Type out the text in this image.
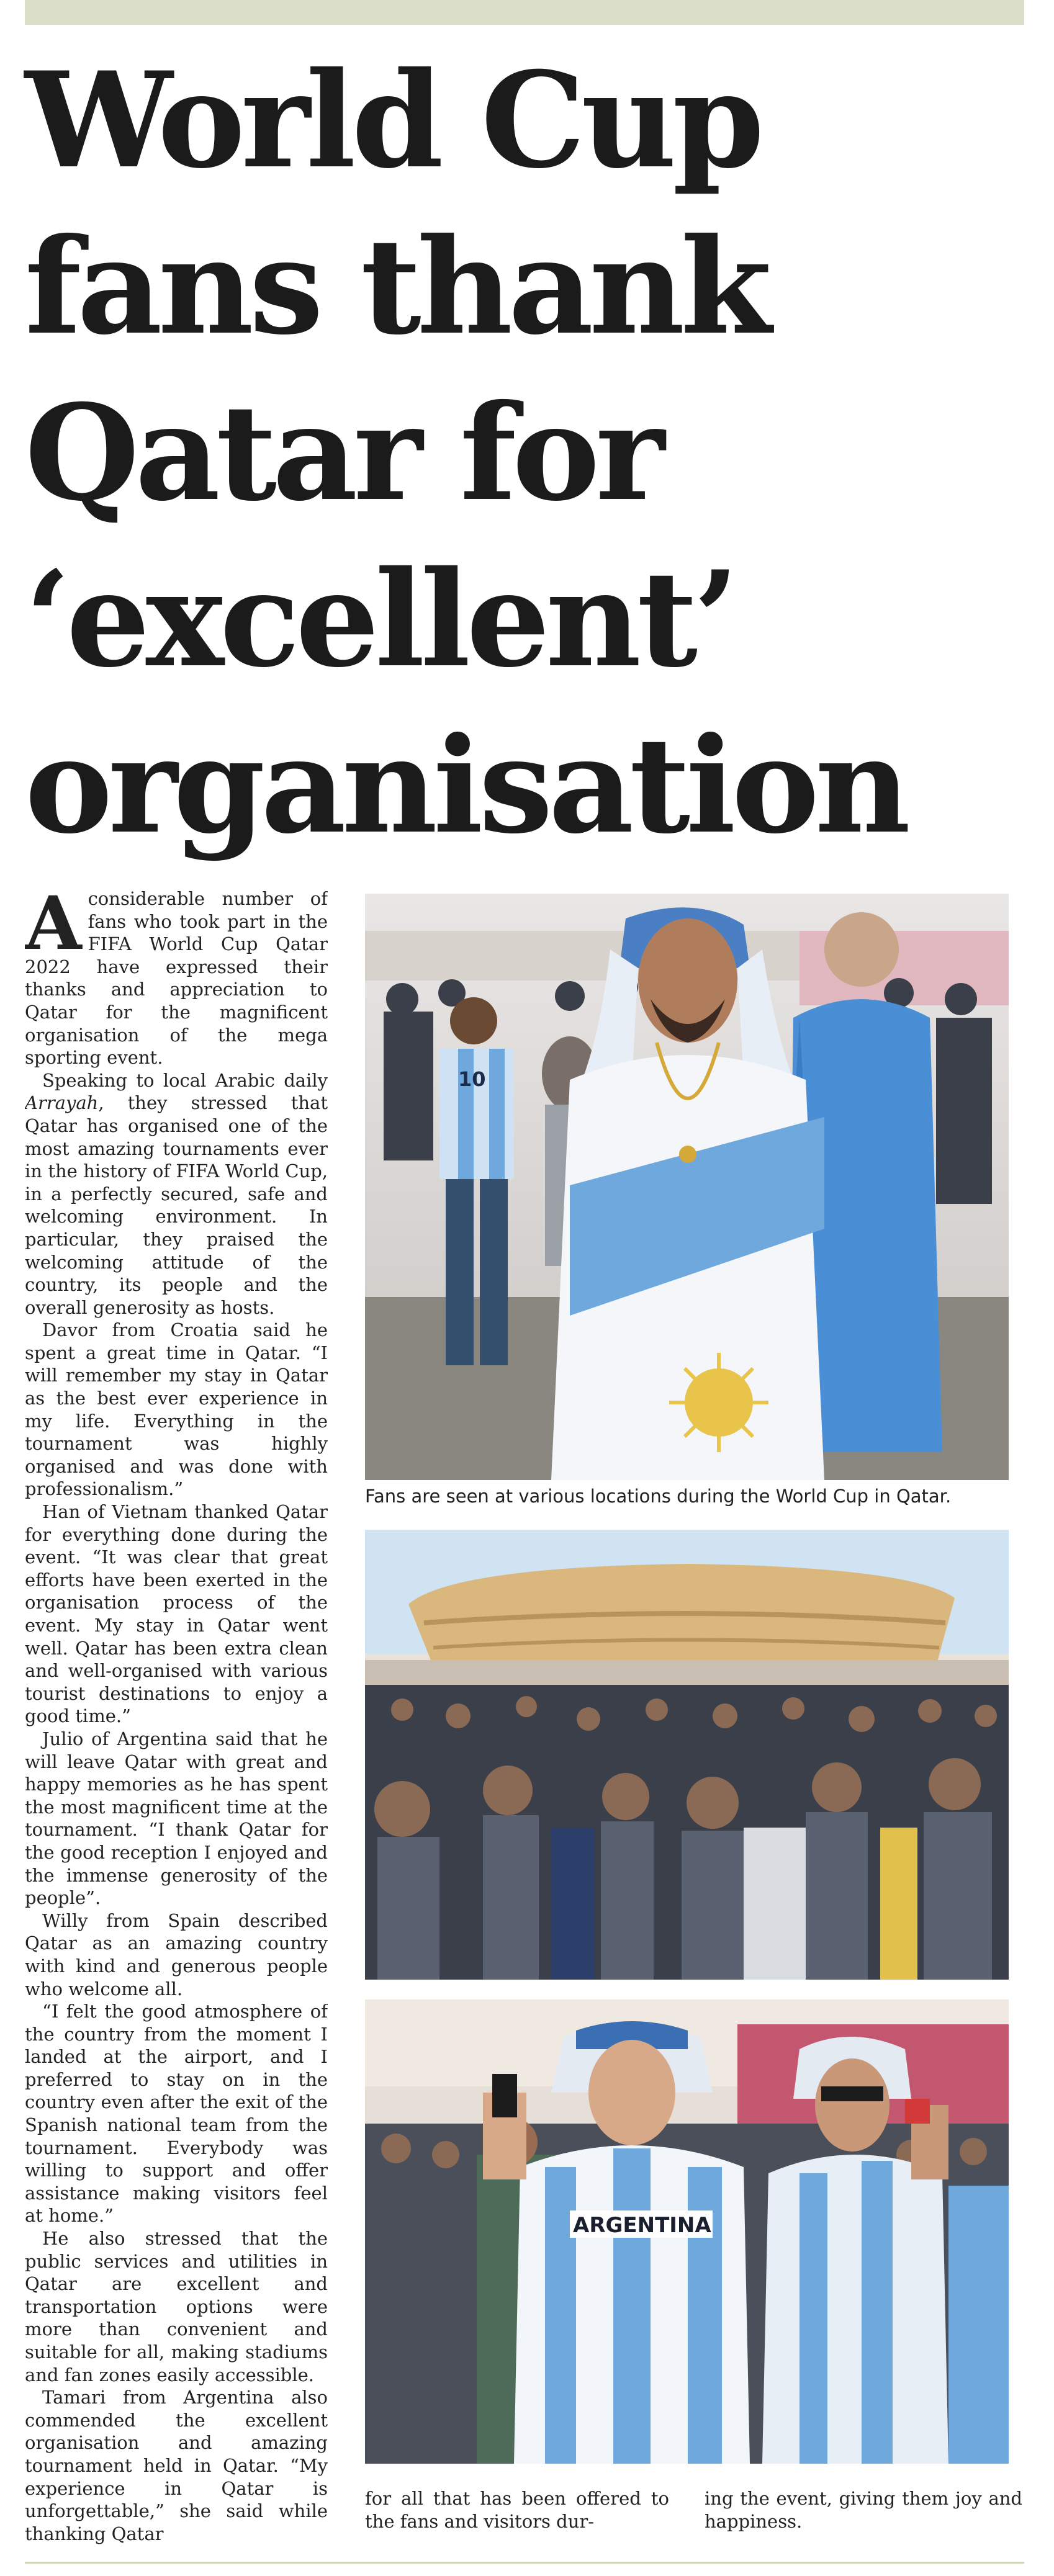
World Cup
fans thank
Qatar for
‘excellent’
organisation

Aconsiderable number of fans who took part in the FIFA World Cup Qatar 2022 have expressed their thanks and appreciation to Qatar for the magnificent organisation of the mega sporting event.

Speaking to local Arabic daily Arrayah, they stressed that Qatar has organised one of the most amazing tournaments ever in the history of FIFA World Cup, in a perfectly secured, safe and welcoming environment. In particular, they praised the welcoming attitude of the country, its people and the overall generosity as hosts.

Davor from Croatia said he spent a great time in Qatar. “I will remember my stay in Qatar as the best ever experience in my life. Everything in the tournament was highly organised and was done with professionalism.”

Han of Vietnam thanked Qatar for everything done during the event. “It was clear that great efforts have been exerted in the organisation process of the event. My stay in Qatar went well. Qatar has been extra clean and well-organised with various tourist destinations to enjoy a good time.”

Julio of Argentina said that he will leave Qatar with great and happy memories as he has spent the most magnificent time at the tournament. “I thank Qatar for the good reception I enjoyed and the immense generosity of the people”.

Willy from Spain described Qatar as an amazing country with kind and generous people who welcome all.

“I felt the good atmosphere of the country from the moment I landed at the airport, and I preferred to stay on in the country even after the exit of the Spanish national team from the tournament. Everybody was willing to support and offer assistance making visitors feel at home.”

He also stressed that the public services and utilities in Qatar are excellent and transportation options were more than convenient and suitable for all, making stadiums and fan zones easily accessible.

Tamari from Argentina also commended the excellent organisation and amazing tournament held in Qatar. “My experience in Qatar is unforgettable,” she said while thanking Qatar

10
Fans are seen at various locations during the World Cup in Qatar.
ARGENTINA
for all that has been offered to the fans and visitors dur-
ing the event, giving them joy and happiness.
